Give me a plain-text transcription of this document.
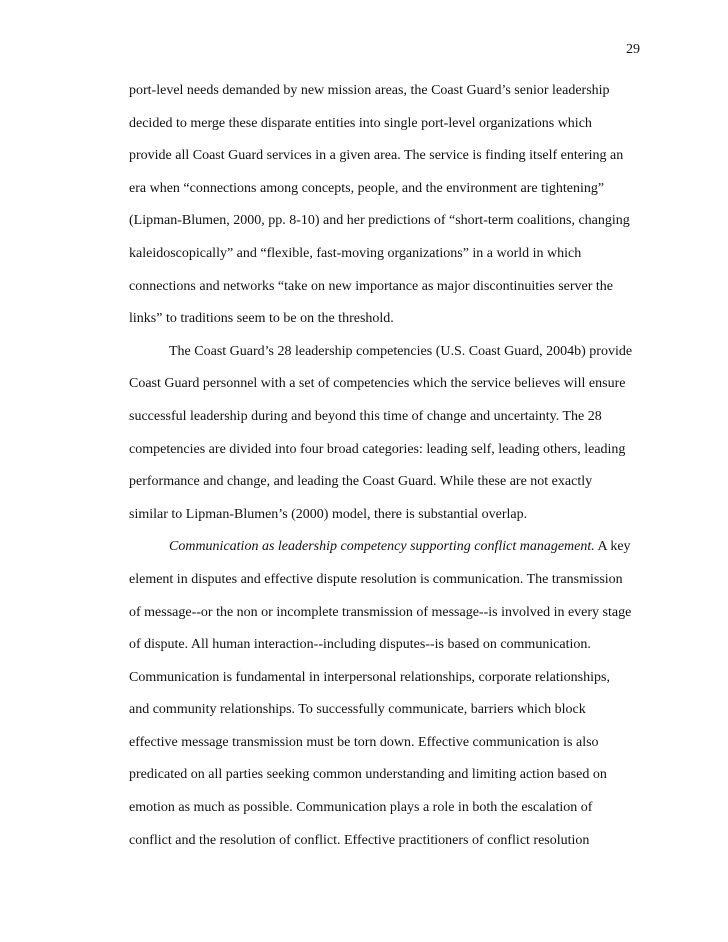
29
port-level needs demanded by new mission areas, the Coast Guard’s senior leadership
decided to merge these disparate entities into single port-level organizations which
provide all Coast Guard services in a given area. The service is finding itself entering an
era when “connections among concepts, people, and the environment are tightening”
(Lipman-Blumen, 2000, pp. 8-10) and her predictions of “short-term coalitions, changing
kaleidoscopically” and “flexible, fast-moving organizations” in a world in which
connections and networks “take on new importance as major discontinuities server the
links” to traditions seem to be on the threshold.
The Coast Guard’s 28 leadership competencies (U.S. Coast Guard, 2004b) provide
Coast Guard personnel with a set of competencies which the service believes will ensure
successful leadership during and beyond this time of change and uncertainty. The 28
competencies are divided into four broad categories: leading self, leading others, leading
performance and change, and leading the Coast Guard. While these are not exactly
similar to Lipman-Blumen’s (2000) model, there is substantial overlap.
Communication as leadership competency supporting conflict management. A key
element in disputes and effective dispute resolution is communication. The transmission
of message--or the non or incomplete transmission of message--is involved in every stage
of dispute. All human interaction--including disputes--is based on communication.
Communication is fundamental in interpersonal relationships, corporate relationships,
and community relationships. To successfully communicate, barriers which block
effective message transmission must be torn down. Effective communication is also
predicated on all parties seeking common understanding and limiting action based on
emotion as much as possible. Communication plays a role in both the escalation of
conflict and the resolution of conflict. Effective practitioners of conflict resolution
